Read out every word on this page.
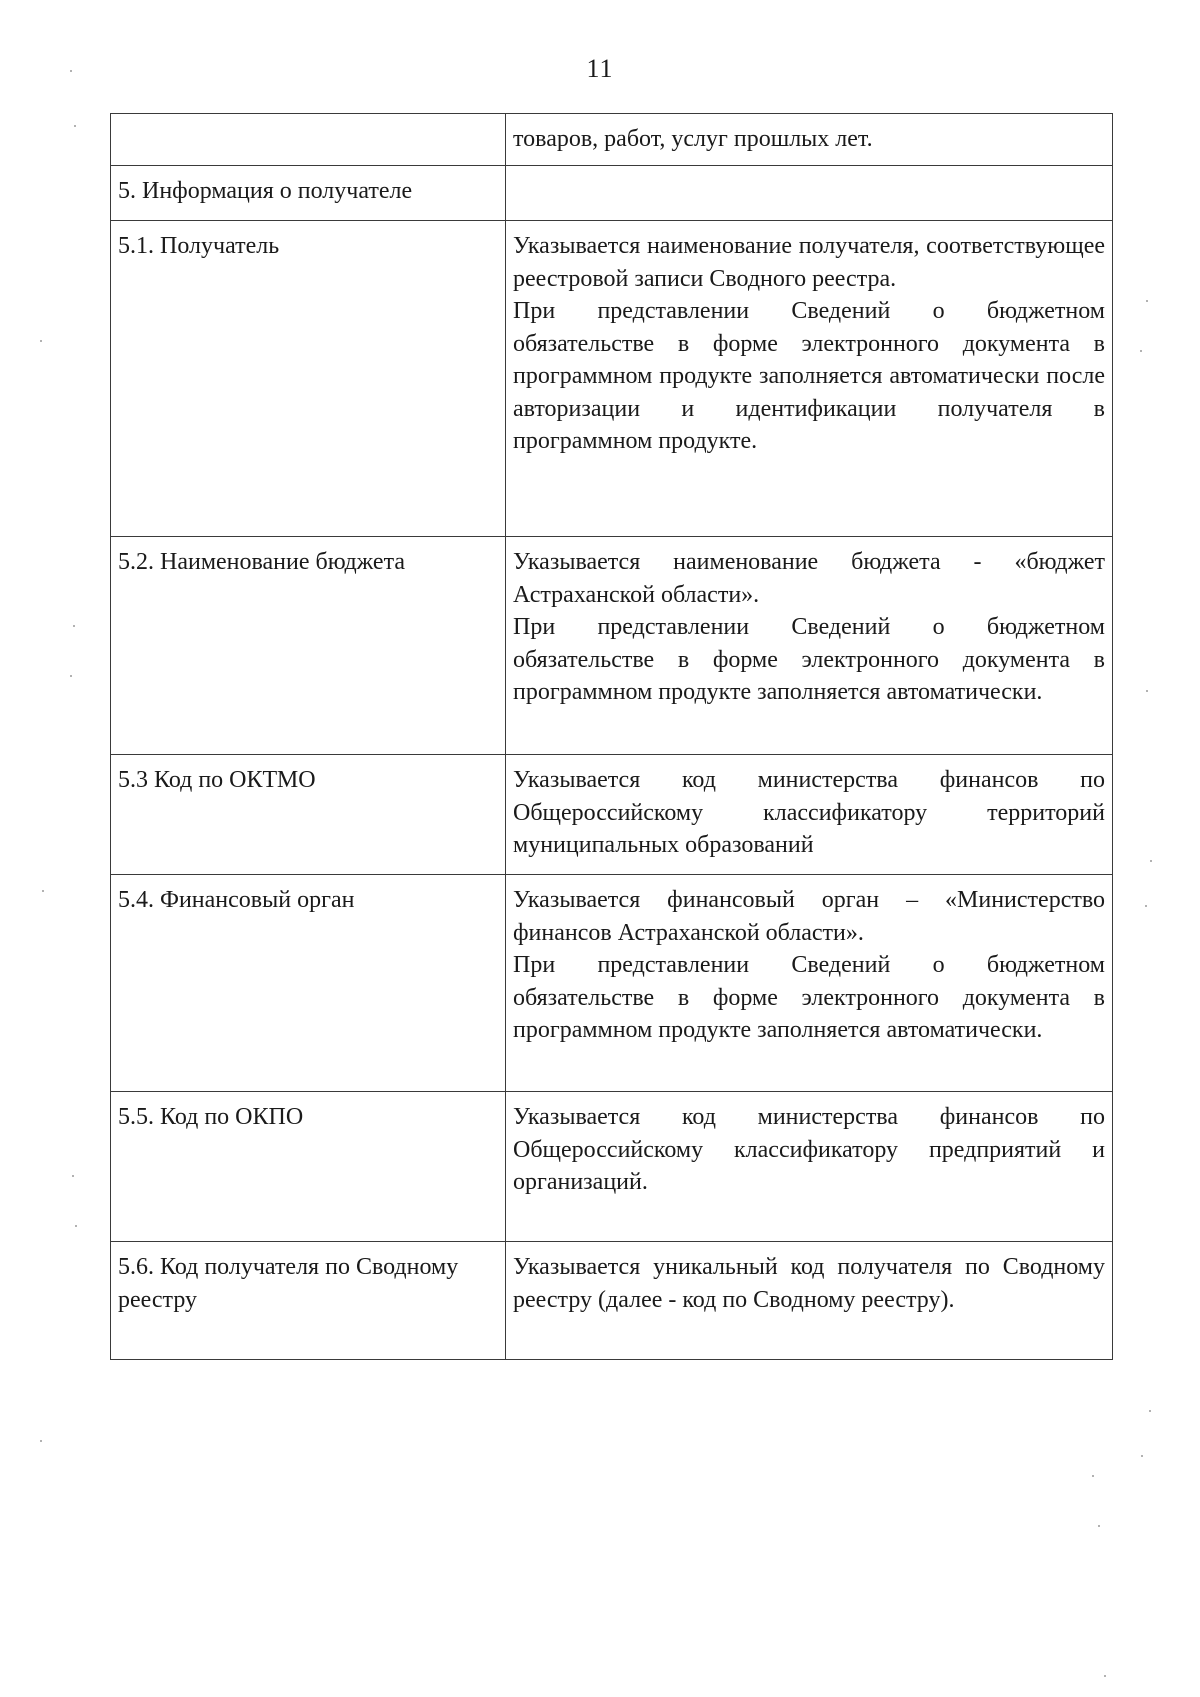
11

	товаров, работ, услуг прошлых лет.

5. Информация о получателе	

5.1. Получатель	Указывается наименование получателя, соответствующее реестровой записи Сводного реестра.

При представлении Сведений о бюджетном обязательстве в форме электронного документа в программном продукте заполняется автоматически после авторизации и идентификации получателя в программном продукте.

5.2. Наименование бюджета	Указывается наименование бюджета - «бюджет Астраханской области».

При представлении Сведений о бюджетном обязательстве в форме электронного документа в программном продукте заполняется автоматически.

5.3 Код по ОКТМО	Указывается код министерства финансов по Общероссийскому классификатору территорий муниципальных образований

5.4. Финансовый орган	Указывается финансовый орган – «Министерство финансов Астраханской области».

При представлении Сведений о бюджетном обязательстве в форме электронного документа в программном продукте заполняется автоматически.

5.5. Код по ОКПО	Указывается код министерства финансов по Общероссийскому классификатору предприятий и организаций.

5.6. Код получателя по Сводному реестру	Указывается уникальный код получателя по Сводному реестру (далее - код по Сводному реестру).
